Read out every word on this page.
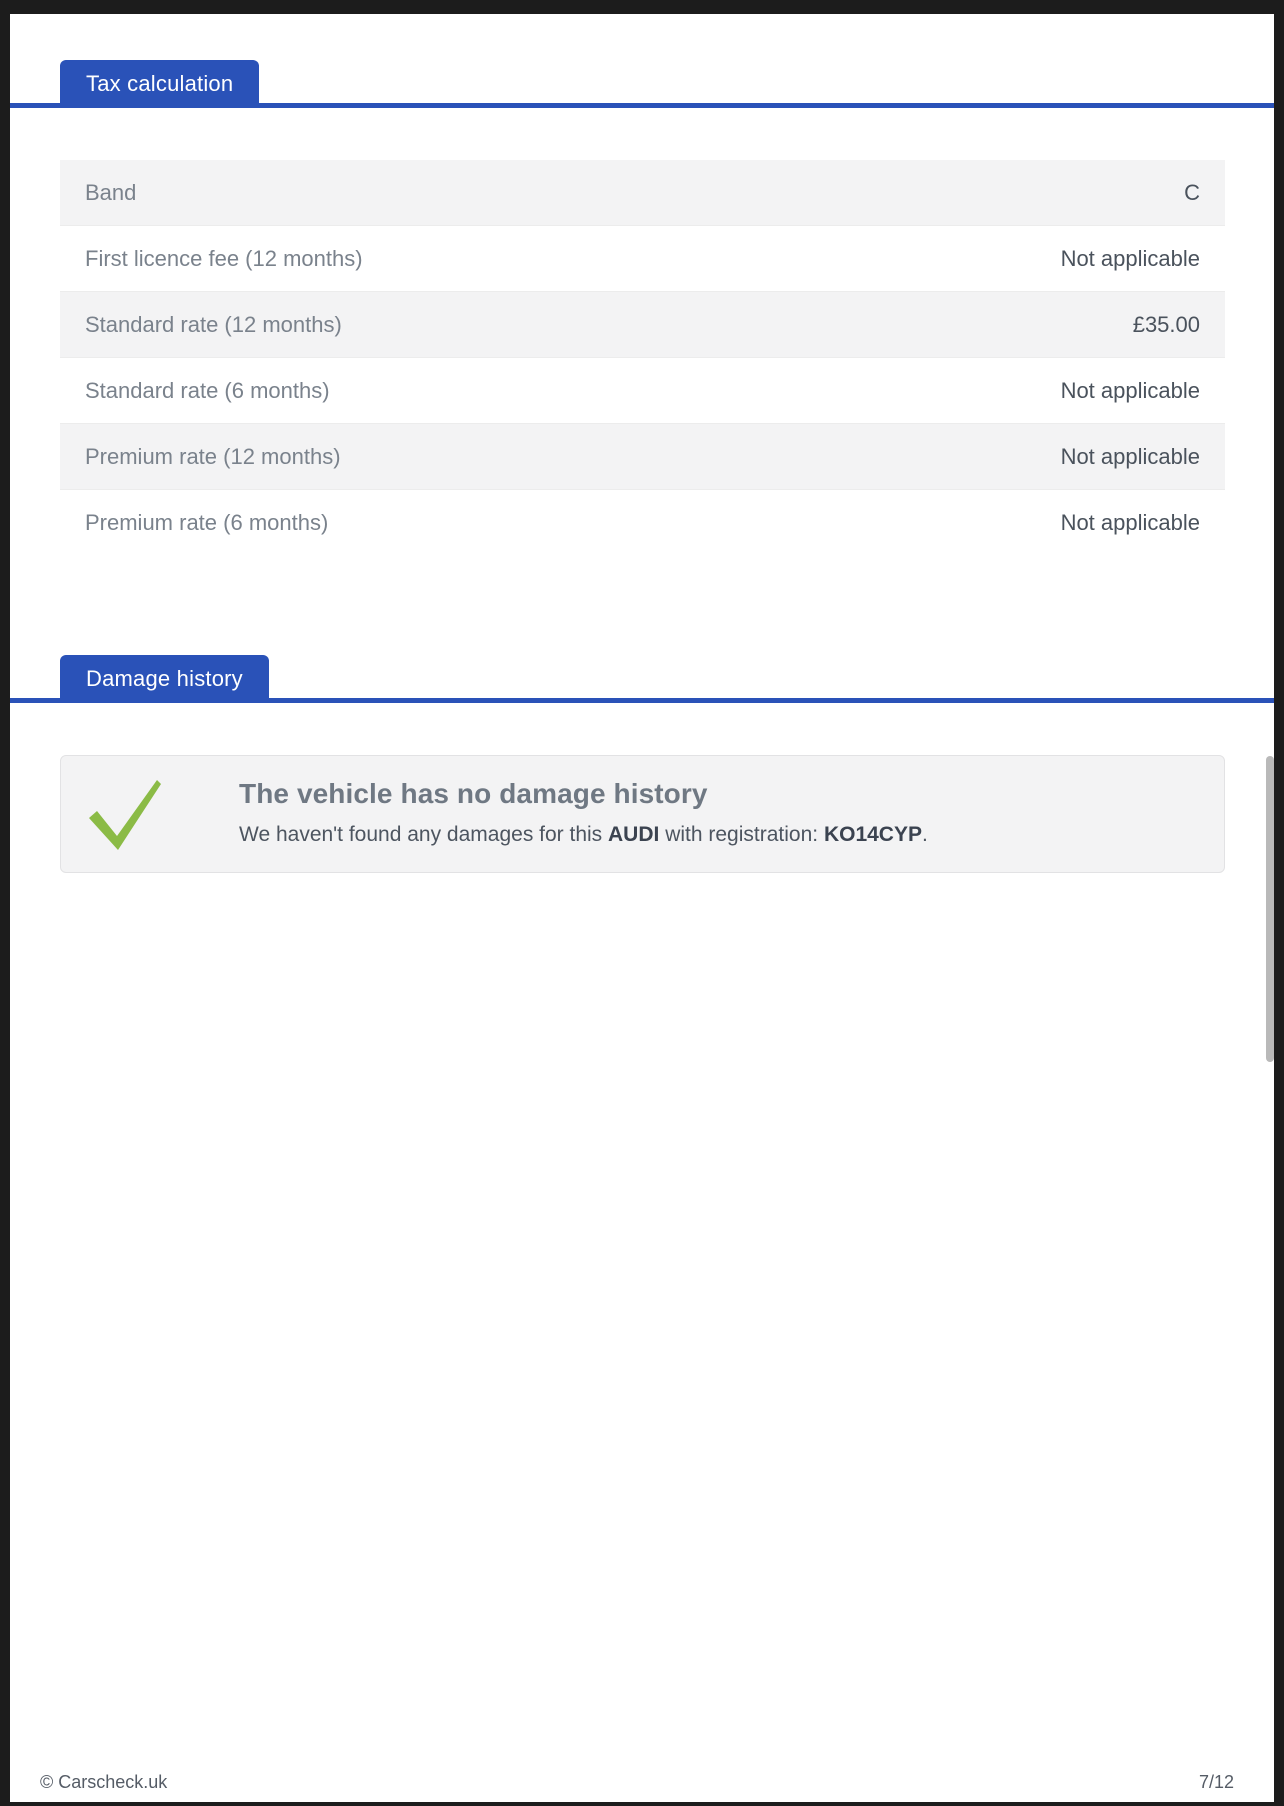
Tax calculation
Band	C
First licence fee (12 months)	Not applicable
Standard rate (12 months)	£35.00
Standard rate (6 months)	Not applicable
Premium rate (12 months)	Not applicable
Premium rate (6 months)	Not applicable
Damage history
The vehicle has no damage history
We haven't found any damages for this AUDI with registration: KO14CYP.
© Carscheck.uk	7/12
